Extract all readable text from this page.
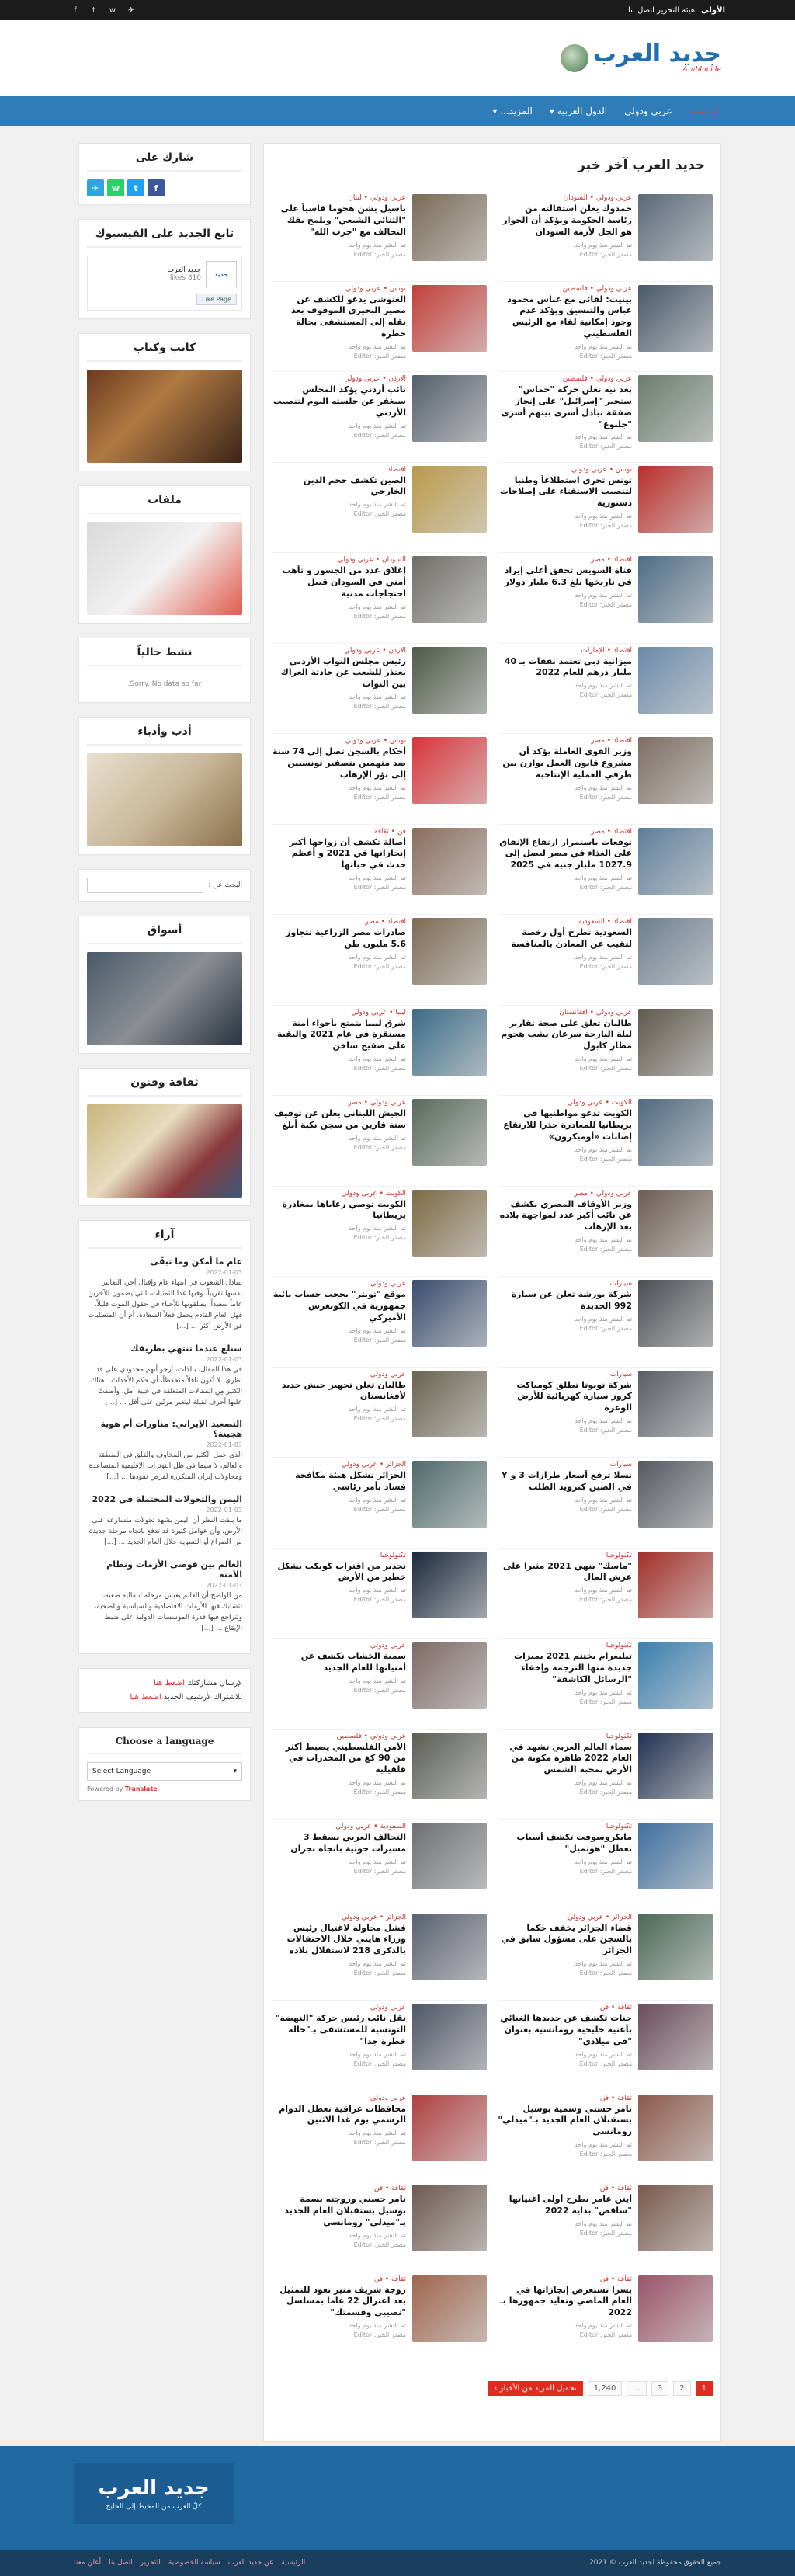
الأولى
هيئة التحرير اتصل بنا
f	t	w ✈
جديد العرب
Arablucide
الرئيسية
عربي ودولي
الدول العربية ▾
المزيد... ▾
جديد العرب آخر خبر
عربي ودولي • السودان
حمدوك يعلن استقالته من رئاسة الحكومة ويؤكد أن الحوار هو الحل لأزمة السودان
تم النشر منذ يوم واحد
مصدر الخبر: Editor
عربي ودولي • لبنان
باسيل يشن هجوما قاسياً على "الثنائي الشيعي" ويلمح بفك التحالف مع "حزب الله"
تم النشر منذ يوم واحد
مصدر الخبر: Editor
عربي ودولي • فلسطين
بينيت: لقائي مع عباس محمود عباس والتنسيق ويؤكد عدم وجود إمكانية لقاء مع الرئيس الفلسطيني
تم النشر منذ يوم واحد
مصدر الخبر: Editor
تونس • عربي ودولي
الغنوشي يدعو للكشف عن مصير البحيري الموقوف بعد نقله إلى المستشفى بحالة خطرة
تم النشر منذ يوم واحد
مصدر الخبر: Editor
عربي ودولي • فلسطين
بعد نية تعلن حركة "حماس" ستجبر "إسرائيل" على إنجاز صفقة تبادل أسرى بينهم أسرى "جلبوع"
تم النشر منذ يوم واحد
مصدر الخبر: Editor
الأردن • عربي ودولي
نائب أردني يؤكد المجلس سيغفر عن جلسته اليوم لتنصيب الأردني
تم النشر منذ يوم واحد
مصدر الخبر: Editor
تونس • عربي ودولي
تونس تحرى استطلاعاً وطنيا لتنصيب الاستفتاء على إصلاحات دستورية
تم النشر منذ يوم واحد
مصدر الخبر: Editor
اقتصاد
الصين تكشف حجم الدين الخارجي
تم النشر منذ يوم واحد
مصدر الخبر: Editor
اقتصاد • مصر
قناة السويس تحقق أعلى إيراد في تاريخها بلغ 6.3 مليار دولار
تم النشر منذ يوم واحد
مصدر الخبر: Editor
السودان • عربي ودولي
إغلاق عدد من الجسور و تأهب أمني في السودان قبيل احتجاجات مدنية
تم النشر منذ يوم واحد
مصدر الخبر: Editor
اقتصاد • الإمارات
ميزانية دبي تعتمد نفقات بـ 40 مليار درهم للعام 2022
تم النشر منذ يوم واحد
مصدر الخبر: Editor
الأردن • عربي ودولي
رئيس مجلس النواب الأردني يعتذر للشعب عن حادثة العراك بين النواب
تم النشر منذ يوم واحد
مصدر الخبر: Editor
اقتصاد • مصر
وزير القوى العاملة يؤكد أن مشروع قانون العمل يوازن بين طرفي العملية الإنتاجية
تم النشر منذ يوم واحد
مصدر الخبر: Editor
تونس • عربي ودولي
أحكام بالسجن تصل إلى 74 سنة ضد متهمين بتصفير تونسيين إلى بؤر الإرهاب
تم النشر منذ يوم واحد
مصدر الخبر: Editor
اقتصاد • مصر
توقعات باستمرار ارتفاع الإنفاق على الغذاء في مصر ليصل إلى 1027.9 مليار جنيه في 2025
تم النشر منذ يوم واحد
مصدر الخبر: Editor
فن • ثقافة
أصالة تكشف أن زواجها أكبر إنجازاتها في 2021 و أعظم حدث في حياتها
تم النشر منذ يوم واحد
مصدر الخبر: Editor
اقتصاد • السعودية
السعودية تطرح أول رخصة لتقيب عن المعادن بالمنافسة
تم النشر منذ يوم واحد
مصدر الخبر: Editor
اقتصاد • مصر
صادرات مصر الزراعية تتجاوز 5.6 مليون طن
تم النشر منذ يوم واحد
مصدر الخبر: Editor
عربي ودولي • أفغانستان
طالبان تعلق على صحة تقارير ليلة البارحة سرعان نشب هجوم مطار كابول
تم النشر منذ يوم واحد
مصدر الخبر: Editor
ليبيا • عربي ودولي
شرق ليبيا يتمتع بأجواء أمنة مستقرة في عام 2021 والبقية على صفيح ساخن
تم النشر منذ يوم واحد
مصدر الخبر: Editor
الكويت • عربي ودولي
الكويت تدعو مواطنيها في بريطانيا للمغادرة حذرا للارتفاع إصابات «أوميكرون»
تم النشر منذ يوم واحد
مصدر الخبر: Editor
عربي ودولي • مصر
الجيش اللبناني يعلن عن توقيف ستة فارين من سجن نكبة أبلغ
تم النشر منذ يوم واحد
مصدر الخبر: Editor
عربي ودولي • مصر
وزير الأوقاف المصري يكشف عن نائب أكبر عدد لمواجهة بلاده بعد الإرهاب
تم النشر منذ يوم واحد
مصدر الخبر: Editor
الكويت • عربي ودولي
الكويت توصي رعاياها بمغادرة بريطانيا
تم النشر منذ يوم واحد
مصدر الخبر: Editor
سيارات
شركة بورشة تعلن عن سيارة 992 الجديدة
تم النشر منذ يوم واحد
مصدر الخبر: Editor
عربي ودولي
موقع "تويتر" يحجب حساب نائبة جمهورية في الكونغرس الأميركي
تم النشر منذ يوم واحد
مصدر الخبر: Editor
سيارات
شركة تويوتا تطلق كومباكت كروز سيارة كهربائية للأرض الوعرة
تم النشر منذ يوم واحد
مصدر الخبر: Editor
عربي ودولي
طالبان تعلن تجهيز جيش جديد لأفغانستان
تم النشر منذ يوم واحد
مصدر الخبر: Editor
سيارات
تسلا ترفع أسعار طرازات 3 و Y في الصين كتزويد الطلب
تم النشر منذ يوم واحد
مصدر الخبر: Editor
الجزائر • عربي ودولي
الجزائر تشكل هيئة مكافحة فساد بأمر رئاسي
تم النشر منذ يوم واحد
مصدر الخبر: Editor
تكنولوجيا
"ماسك" ينهي 2021 مثيرا على عرش المال
تم النشر منذ يوم واحد
مصدر الخبر: Editor
تكنولوجيا
تحذير من اقتراب كويكب بشكل خطير من الأرض
تم النشر منذ يوم واحد
مصدر الخبر: Editor
تكنولوجيا
تيليغرام يختتم 2021 بميزات جديدة منها الترجمة وإخفاء "الرسائل الكاشفة"
تم النشر منذ يوم واحد
مصدر الخبر: Editor
عربي ودولي
سمية الخشاب تكشف عن أمنياتها للعام الجديد
تم النشر منذ يوم واحد
مصدر الخبر: Editor
تكنولوجيا
سماء العالم العربي تشهد في العام 2022 ظاهرة مكونة من الأرض بمحبة الشمس
تم النشر منذ يوم واحد
مصدر الخبر: Editor
عربي ودولي • فلسطين
الأمن الفلسطيني يضبط أكثر من 90 كغ من المخدرات في قلقيلية
تم النشر منذ يوم واحد
مصدر الخبر: Editor
تكنولوجيا
مايكروسوفت تكشف أسباب تعطل "هوتميل"
تم النشر منذ يوم واحد
مصدر الخبر: Editor
السعودية • عربي ودولي
التحالف العربي يسقط 3 مسيرات حوثية باتجاه نجران
تم النشر منذ يوم واحد
مصدر الخبر: Editor
الجزائر • عربي ودولي
قضاء الجزائر يخفف حكما بالسجن على مسؤول سابق في الجزائر
تم النشر منذ يوم واحد
مصدر الخبر: Editor
الجزائر • عربي ودولي
فشل محاولة لاغتيال رئيس وزراء هايتي خلال الاحتفالات بالذكرى 218 لاستقلال بلاده
تم النشر منذ يوم واحد
مصدر الخبر: Editor
ثقافة • فن
جنات تكشف عن جديدها الغنائي بأغنية خليجية رومانسية بعنوان "في ميلادي"
تم النشر منذ يوم واحد
مصدر الخبر: Editor
عربي ودولي
نقل نائب رئيس حركة "النهضة" التونسية للمستشفى بـ"حالة خطرة جدا"
تم النشر منذ يوم واحد
مصدر الخبر: Editor
ثقافة • فن
تامر حسني وسمية بوسيل يستقبلان العام الجديد بـ"ميدلي" رومانسي
تم النشر منذ يوم واحد
مصدر الخبر: Editor
عربي ودولي
محافظات عراقية تعطل الدوام الرسمي يوم غدا الاثنين
تم النشر منذ يوم واحد
مصدر الخبر: Editor
ثقافة • فن
أيتن عامر تطرح أولى أغنياتها "ساقص" بداية 2022
تم النشر منذ يوم واحد
مصدر الخبر: Editor
ثقافة • فن
تامر حسني وزوجته بسمة بوسيل يستقبلان العام الجديد بـ"ميدلي" رومانسي
تم النشر منذ يوم واحد
مصدر الخبر: Editor
ثقافة • فن
يسرا تستعرض إنجازاتها في العام الماضي وتعايد جمهورها بـ 2022
تم النشر منذ يوم واحد
مصدر الخبر: Editor
ثقافة • فن
زوجة شريف منير تعود للتمثيل بعد اعتزال 22 عاما بمسلسل "نصيبي وقسمتك"
تم النشر منذ يوم واحد
مصدر الخبر: Editor
1
2
3
...
1,240
تحميل المزيد من الأخبار ›
شارك على
f
t
w
✈
تابع الجديد على الفيسبوك
جديد
جديد العرب
810 likes
Like Page
كاتب وكتاب
ملفات
نشط حالياً
Sorry. No data so far.
أدب وأدباء
البحث عن :
أسواق
ثقافة وفنون
آراء
عام ما أمكن وما تبقّى
2022-01-03
تتبادل الشعوب في انتهاء عام وإقبال آخر، التعابير نفسها تقريباً. وفيها عدا التمنيات، التي يضمون للآخرين عاماً سعيداً، يطلقونها للأحياء في حقول الموت قليلاً، فهل العام القادم يحمل فعلاً السعادة، أم أن المتطلبات في الأرض أكثر ... [...]
سنلغ عندما تنتهي بطريقك
2022-01-03
في هذا المقال، بالذات، أرجو أنهم محدودي على قد نظري، لا أكون ناقلاً متحفظاً، أي حكم الأحداث.. هناك الكثير مِن المقالات المتعلقة في خيبة أمل، وأضفتُ عليها أحرف ثقيلة ليتغير مرتّين على أقل ... [...]
التصعيد الإيراني: مناورات أم هوية هجينة؟
2022-01-03
الذي حمل الكثير من المخاوف والقلق في المنطقة والعالم، لا سيما في ظل التوترات الإقليمية المتصاعدة ومحاولات إيران المتكررة لفرض نفوذها ... [...]
اليمن والتحولات المحتملة في 2022
2022-01-03
ما يلفت النظر أن اليمن يشهد تحولات متسارعة على الأرض، وأن عوامل كثيرة قد تدفع باتجاه مرحلة جديدة من الصراع أو التسوية خلال العام الجديد ... [...]
العالم بين فوضى الأزمات ونظام الأمنة
2022-01-03
من الواضح أن العالم يعيش مرحلة انتقالية صعبة، تتشابك فيها الأزمات الاقتصادية والسياسية والصحية، وتتراجع فيها قدرة المؤسسات الدولية على ضبط الإيقاع ... [...]
لإرسال مشاركتك اضغط هنا
للاشتراك لأرشيف الجديد اضغط هنا
Choose a language
▾
Select Language
Powered by Translate
جديد العرب
كلّ العرب من المحيط إلى الخليج
جميع الحقوق محفوظة لجديد العرب © 2021
الرئيسية
عن جديد العرب
سياسة الخصوصية
التحرير
اتصل بنا
أعلن معنا
